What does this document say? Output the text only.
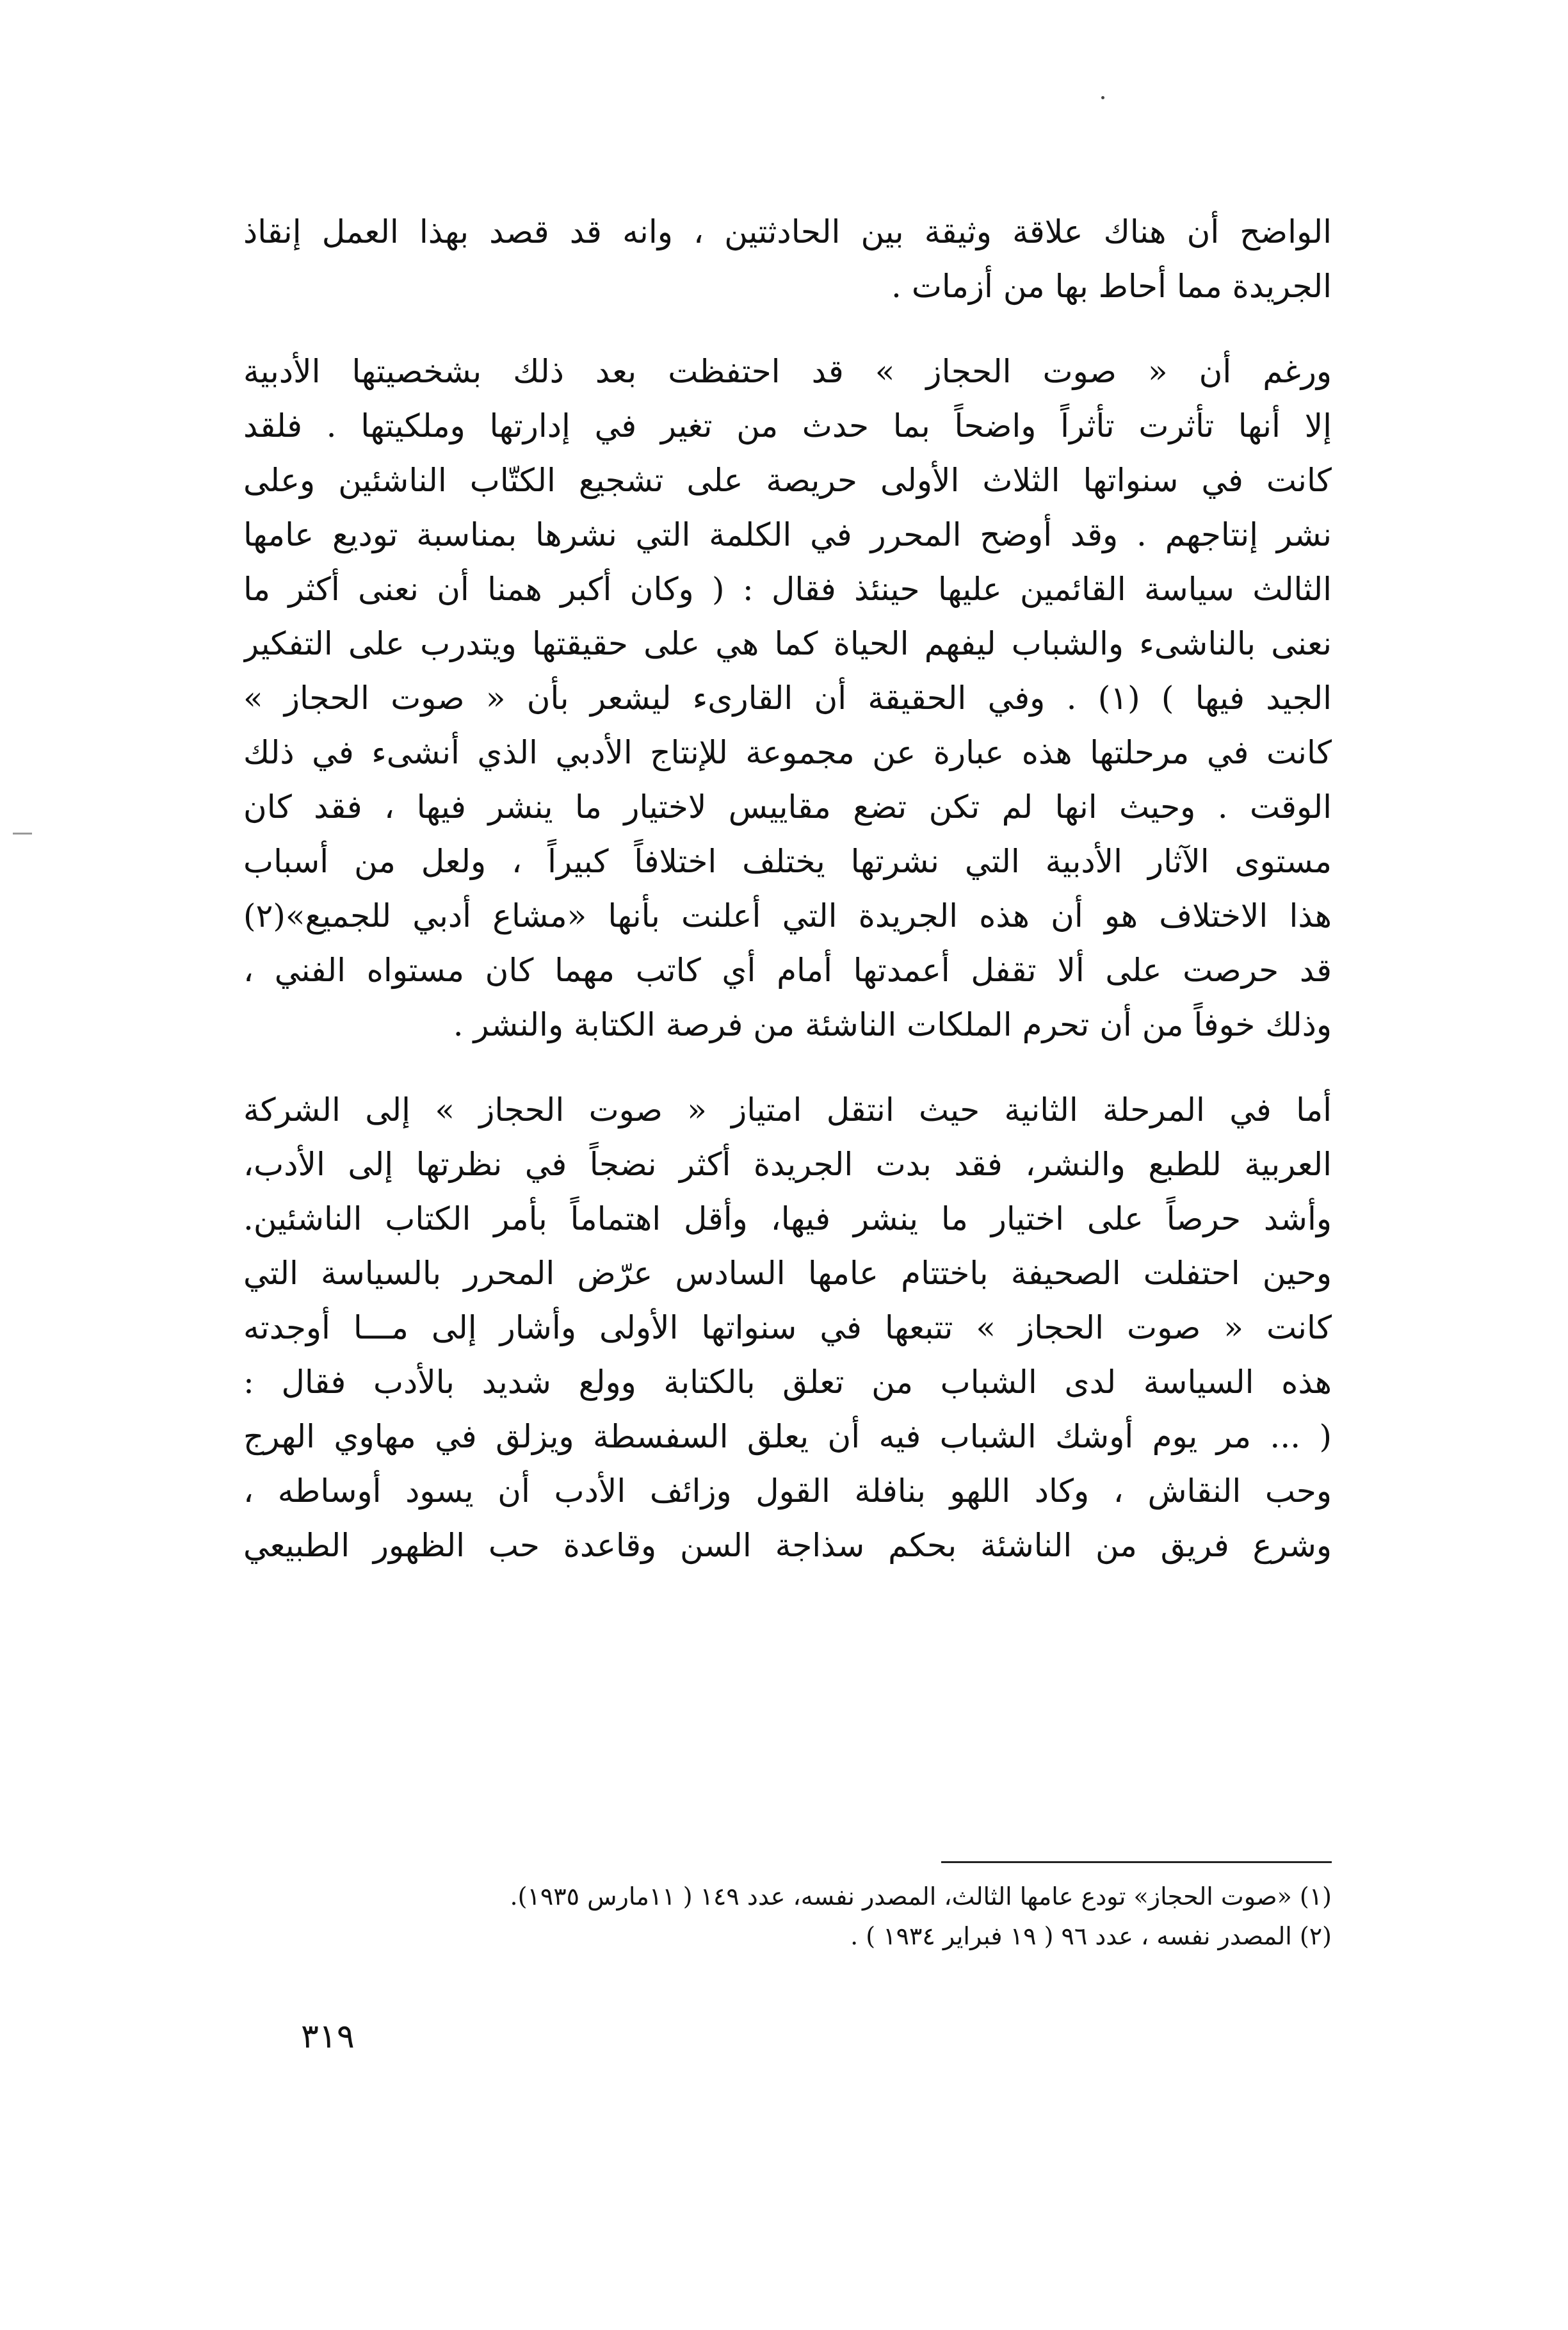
الواضح أن هناك علاقة وثيقة بين الحادثتين ، وانه قد قصد بهذا العمل إنقاذ
الجريدة مما أحاط بها من أزمات .
ورغم أن « صوت الحجاز » قد احتفظت بعد ذلك بشخصيتها الأدبية
إلا أنها تأثرت تأثراً واضحاً بما حدث من تغير في إدارتها وملكيتها . فلقد
كانت في سنواتها الثلاث الأولى حريصة على تشجيع الكتّاب الناشئين وعلى
نشر إنتاجهم . وقد أوضح المحرر في الكلمة التي نشرها بمناسبة توديع عامها
الثالث سياسة القائمين عليها حينئذ فقال : ( وكان أكبر همنا أن نعنى أكثر ما
نعنى بالناشىء والشباب ليفهم الحياة كما هي على حقيقتها ويتدرب على التفكير
الجيد فيها ) (١) . وفي الحقيقة أن القارىء ليشعر بأن « صوت الحجاز »
كانت في مرحلتها هذه عبارة عن مجموعة للإنتاج الأدبي الذي أنشىء في ذلك
الوقت . وحيث انها لم تكن تضع مقاييس لاختيار ما ينشر فيها ، فقد كان
مستوى الآثار الأدبية التي نشرتها يختلف اختلافاً كبيراً ، ولعل من أسباب
هذا الاختلاف هو أن هذه الجريدة التي أعلنت بأنها «مشاع أدبي للجميع»(٢)
قد حرصت على ألا تقفل أعمدتها أمام أي كاتب مهما كان مستواه الفني ،
وذلك خوفاً من أن تحرم الملكات الناشئة من فرصة الكتابة والنشر .
أما في المرحلة الثانية حيث انتقل امتياز « صوت الحجاز » إلى الشركة
العربية للطبع والنشر، فقد بدت الجريدة أكثر نضجاً في نظرتها إلى الأدب،
وأشد حرصاً على اختيار ما ينشر فيها، وأقل اهتماماً بأمر الكتاب الناشئين.
وحين احتفلت الصحيفة باختتام عامها السادس عرّض المحرر بالسياسة التي
كانت « صوت الحجاز » تتبعها في سنواتها الأولى وأشار إلى مـــا أوجدته
هذه السياسة لدى الشباب من تعلق بالكتابة وولع شديد بالأدب فقال :
( ... مر يوم أوشك الشباب فيه أن يعلق السفسطة ويزلق في مهاوي الهرج
وحب النقاش ، وكاد اللهو بنافلة القول وزائف الأدب أن يسود أوساطه ،
وشرع فريق من الناشئة بحكم سذاجة السن وقاعدة حب الظهور الطبيعي
(١) «صوت الحجاز» تودع عامها الثالث، المصدر نفسه، عدد ١٤٩ ( ١١مارس ١٩٣٥).
(٢) المصدر نفسه ، عدد ٩٦ ( ١٩ فبراير ١٩٣٤ ) .
٣١٩
